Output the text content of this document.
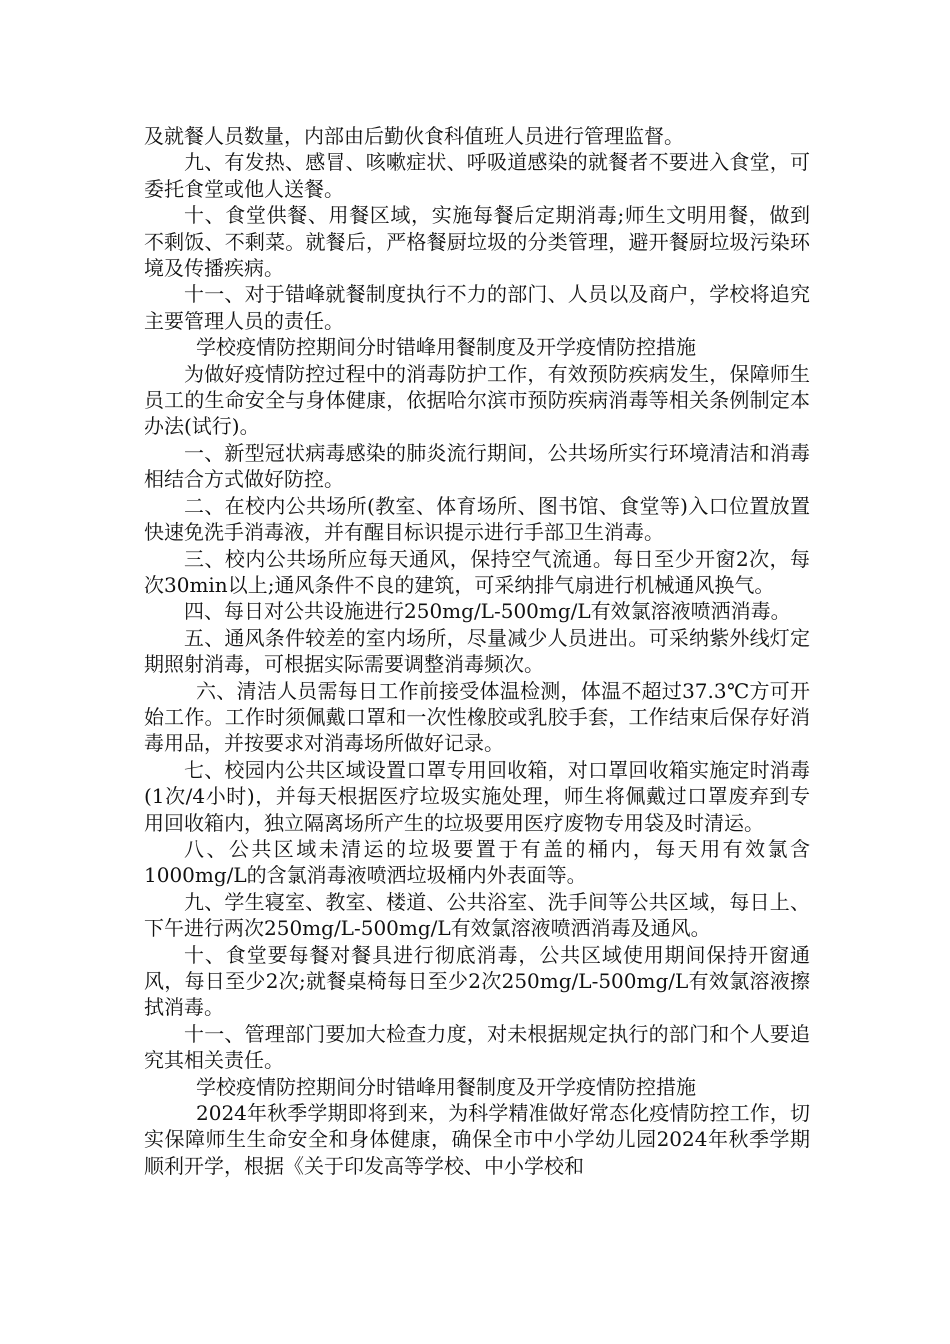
及就餐人员数量，内部由后勤伙食科值班人员进行管理监督。

九、有发热、感冒、咳嗽症状、呼吸道感染的就餐者不要进入食堂，可委托食堂或他人送餐。

十、食堂供餐、用餐区域，实施每餐后定期消毒;师生文明用餐，做到不剩饭、不剩菜。就餐后，严格餐厨垃圾的分类管理，避开餐厨垃圾污染环境及传播疾病。

十一、对于错峰就餐制度执行不力的部门、人员以及商户，学校将追究主要管理人员的责任。

学校疫情防控期间分时错峰用餐制度及开学疫情防控措施

为做好疫情防控过程中的消毒防护工作，有效预防疾病发生，保障师生员工的生命安全与身体健康，依据哈尔滨市预防疾病消毒等相关条例制定本办法(试行)。

一、新型冠状病毒感染的肺炎流行期间，公共场所实行环境清洁和消毒相结合方式做好防控。

二、在校内公共场所(教室、体育场所、图书馆、食堂等)入口位置放置快速免洗手消毒液，并有醒目标识提示进行手部卫生消毒。

三、校内公共场所应每天通风，保持空气流通。每日至少开窗2次，每次30min以上;通风条件不良的建筑，可采纳排气扇进行机械通风换气。

四、每日对公共设施进行250mg/L-500mg/L有效氯溶液喷洒消毒。

五、通风条件较差的室内场所，尽量减少人员进出。可采纳紫外线灯定期照射消毒，可根据实际需要调整消毒频次。

六、清洁人员需每日工作前接受体温检测，体温不超过37.3℃方可开始工作。工作时须佩戴口罩和一次性橡胶或乳胶手套，工作结束后保存好消毒用品，并按要求对消毒场所做好记录。

七、校园内公共区域设置口罩专用回收箱，对口罩回收箱实施定时消毒(1次/4小时)，并每天根据医疗垃圾实施处理，师生将佩戴过口罩废弃到专用回收箱内，独立隔离场所产生的垃圾要用医疗废物专用袋及时清运。

八、公共区域未清运的垃圾要置于有盖的桶内，每天用有效氯含1000mg/L的含氯消毒液喷洒垃圾桶内外表面等。

九、学生寝室、教室、楼道、公共浴室、洗手间等公共区域，每日上、下午进行两次250mg/L-500mg/L有效氯溶液喷洒消毒及通风。

十、食堂要每餐对餐具进行彻底消毒，公共区域使用期间保持开窗通风，每日至少2次;就餐桌椅每日至少2次250mg/L-500mg/L有效氯溶液擦拭消毒。

十一、管理部门要加大检查力度，对未根据规定执行的部门和个人要追究其相关责任。

学校疫情防控期间分时错峰用餐制度及开学疫情防控措施

2024年秋季学期即将到来，为科学精准做好常态化疫情防控工作，切实保障师生生命安全和身体健康，确保全市中小学幼儿园2024年秋季学期顺利开学，根据《关于印发高等学校、中小学校和
